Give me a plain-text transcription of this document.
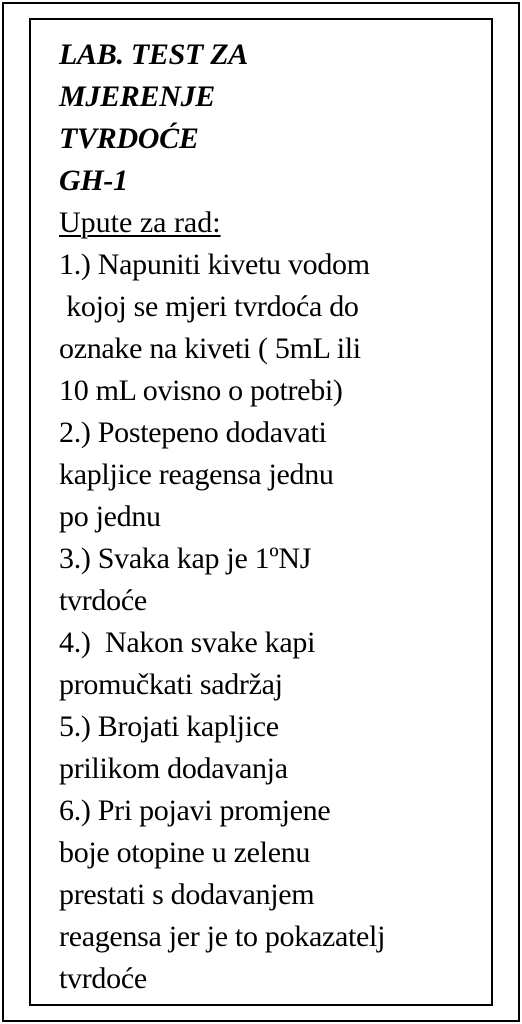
LAB. TEST ZA
MJERENJE
TVRDOĆE
GH-1
Upute za rad:
1.) Napuniti kivetu vodom
kojoj se mjeri tvrdoća do
oznake na kiveti ( 5mL ili
10 mL ovisno o potrebi)
2.) Postepeno dodavati
kapljice reagensa jednu
po jednu
3.) Svaka kap je 1ºNJ
tvrdoće
4.)  Nakon svake kapi
promučkati sadržaj
5.) Brojati kapljice
prilikom dodavanja
6.) Pri pojavi promjene
boje otopine u zelenu
prestati s dodavanjem
reagensa jer je to pokazatelj
tvrdoće
